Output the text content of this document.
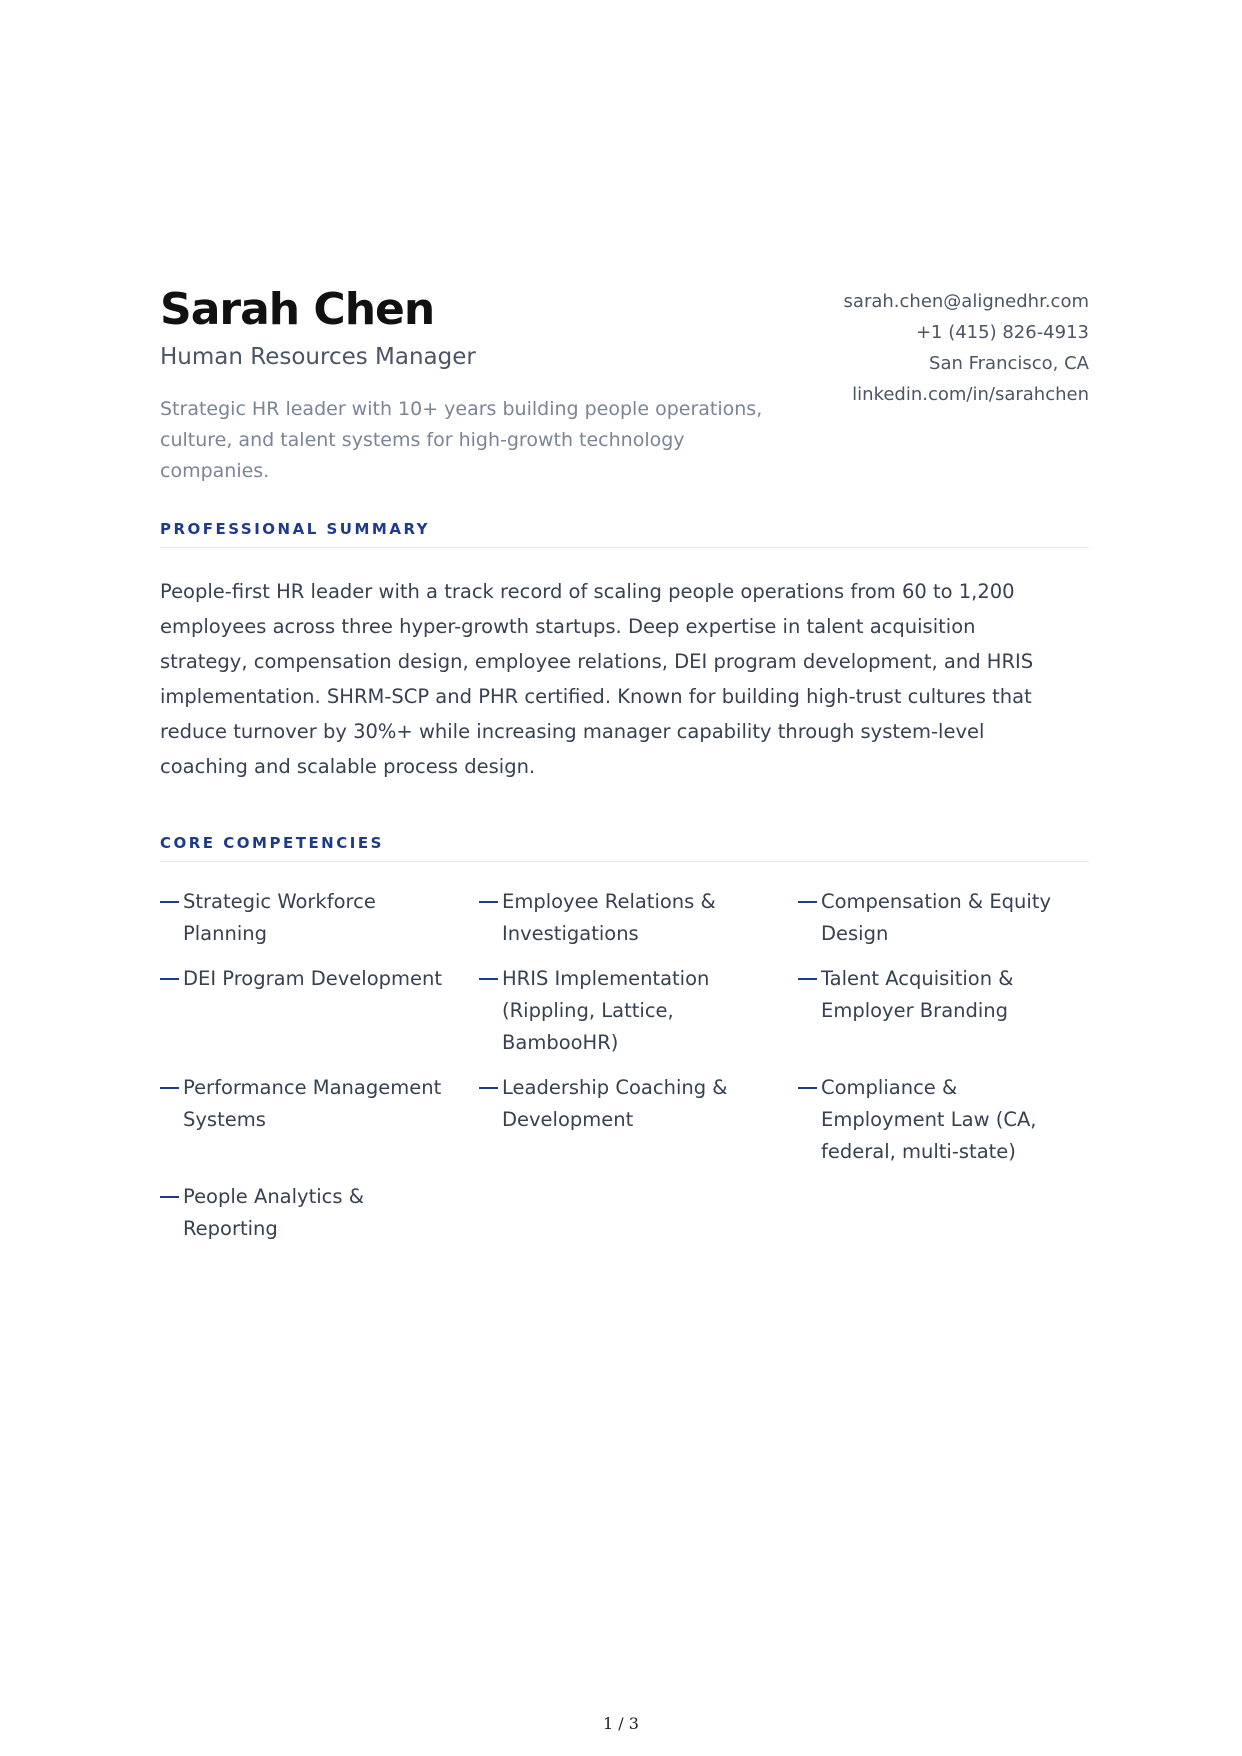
Sarah Chen
Human Resources Manager
Strategic HR leader with 10+ years building people operations, culture, and talent systems for high-growth technology companies.
sarah.chen@alignedhr.com
+1 (415) 826-4913
San Francisco, CA
linkedin.com/in/sarahchen
PROFESSIONAL SUMMARY

People-first HR leader with a track record of scaling people operations from 60 to 1,200 employees across three hyper-growth startups. Deep expertise in talent acquisition strategy, compensation design, employee relations, DEI program development, and HRIS implementation. SHRM-SCP and PHR certified. Known for building high-trust cultures that reduce turnover by 30%+ while increasing manager capability through system-level coaching and scalable process design.

CORE COMPETENCIES
Strategic Workforce Planning
Employee Relations & Investigations
Compensation & Equity Design
DEI Program Development	HRIS Implementation (Rippling, Lattice, BambooHR)
Talent Acquisition & Employer Branding
Performance Management Systems
Leadership Coaching & Development
Compliance & Employment Law (CA, federal, multi-state)
People Analytics & Reporting
1 / 3
